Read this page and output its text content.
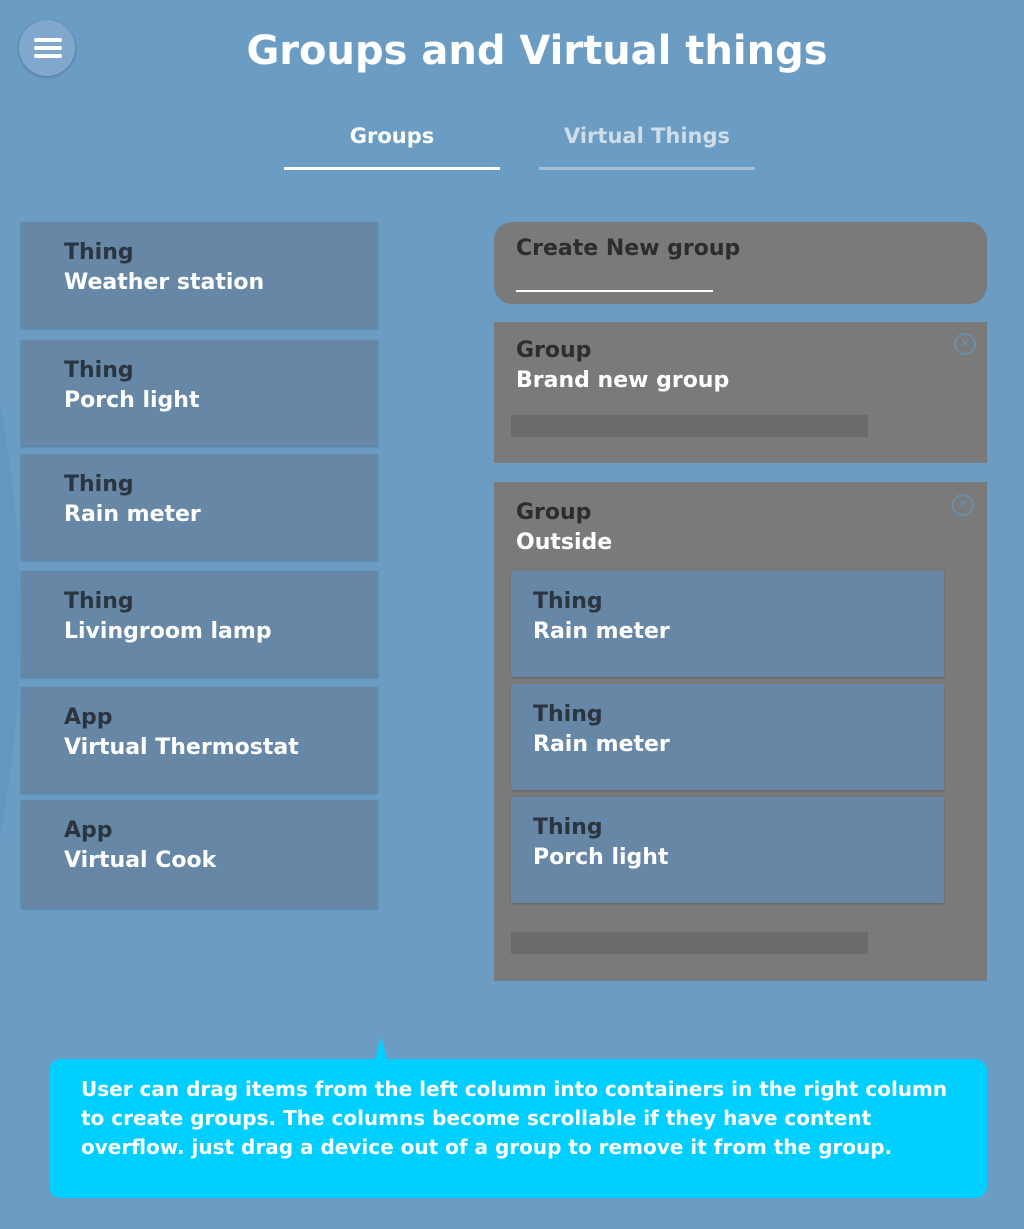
Groups and Virtual things
Groups	Virtual Things
Thing
Weather station
Thing
Porch light
Thing
Rain meter
Thing
Livingroom lamp
App
Virtual Thermostat
App
Virtual Cook
Create New group
Group
Brand new group
✕
Group
Outside
✕
Thing
Rain meter
Thing
Rain meter
Thing
Porch light
User can drag items from the left column into containers in the right column to create groups. The columns become scrollable if they have content overflow. just drag a device out of a group to remove it from the group.
